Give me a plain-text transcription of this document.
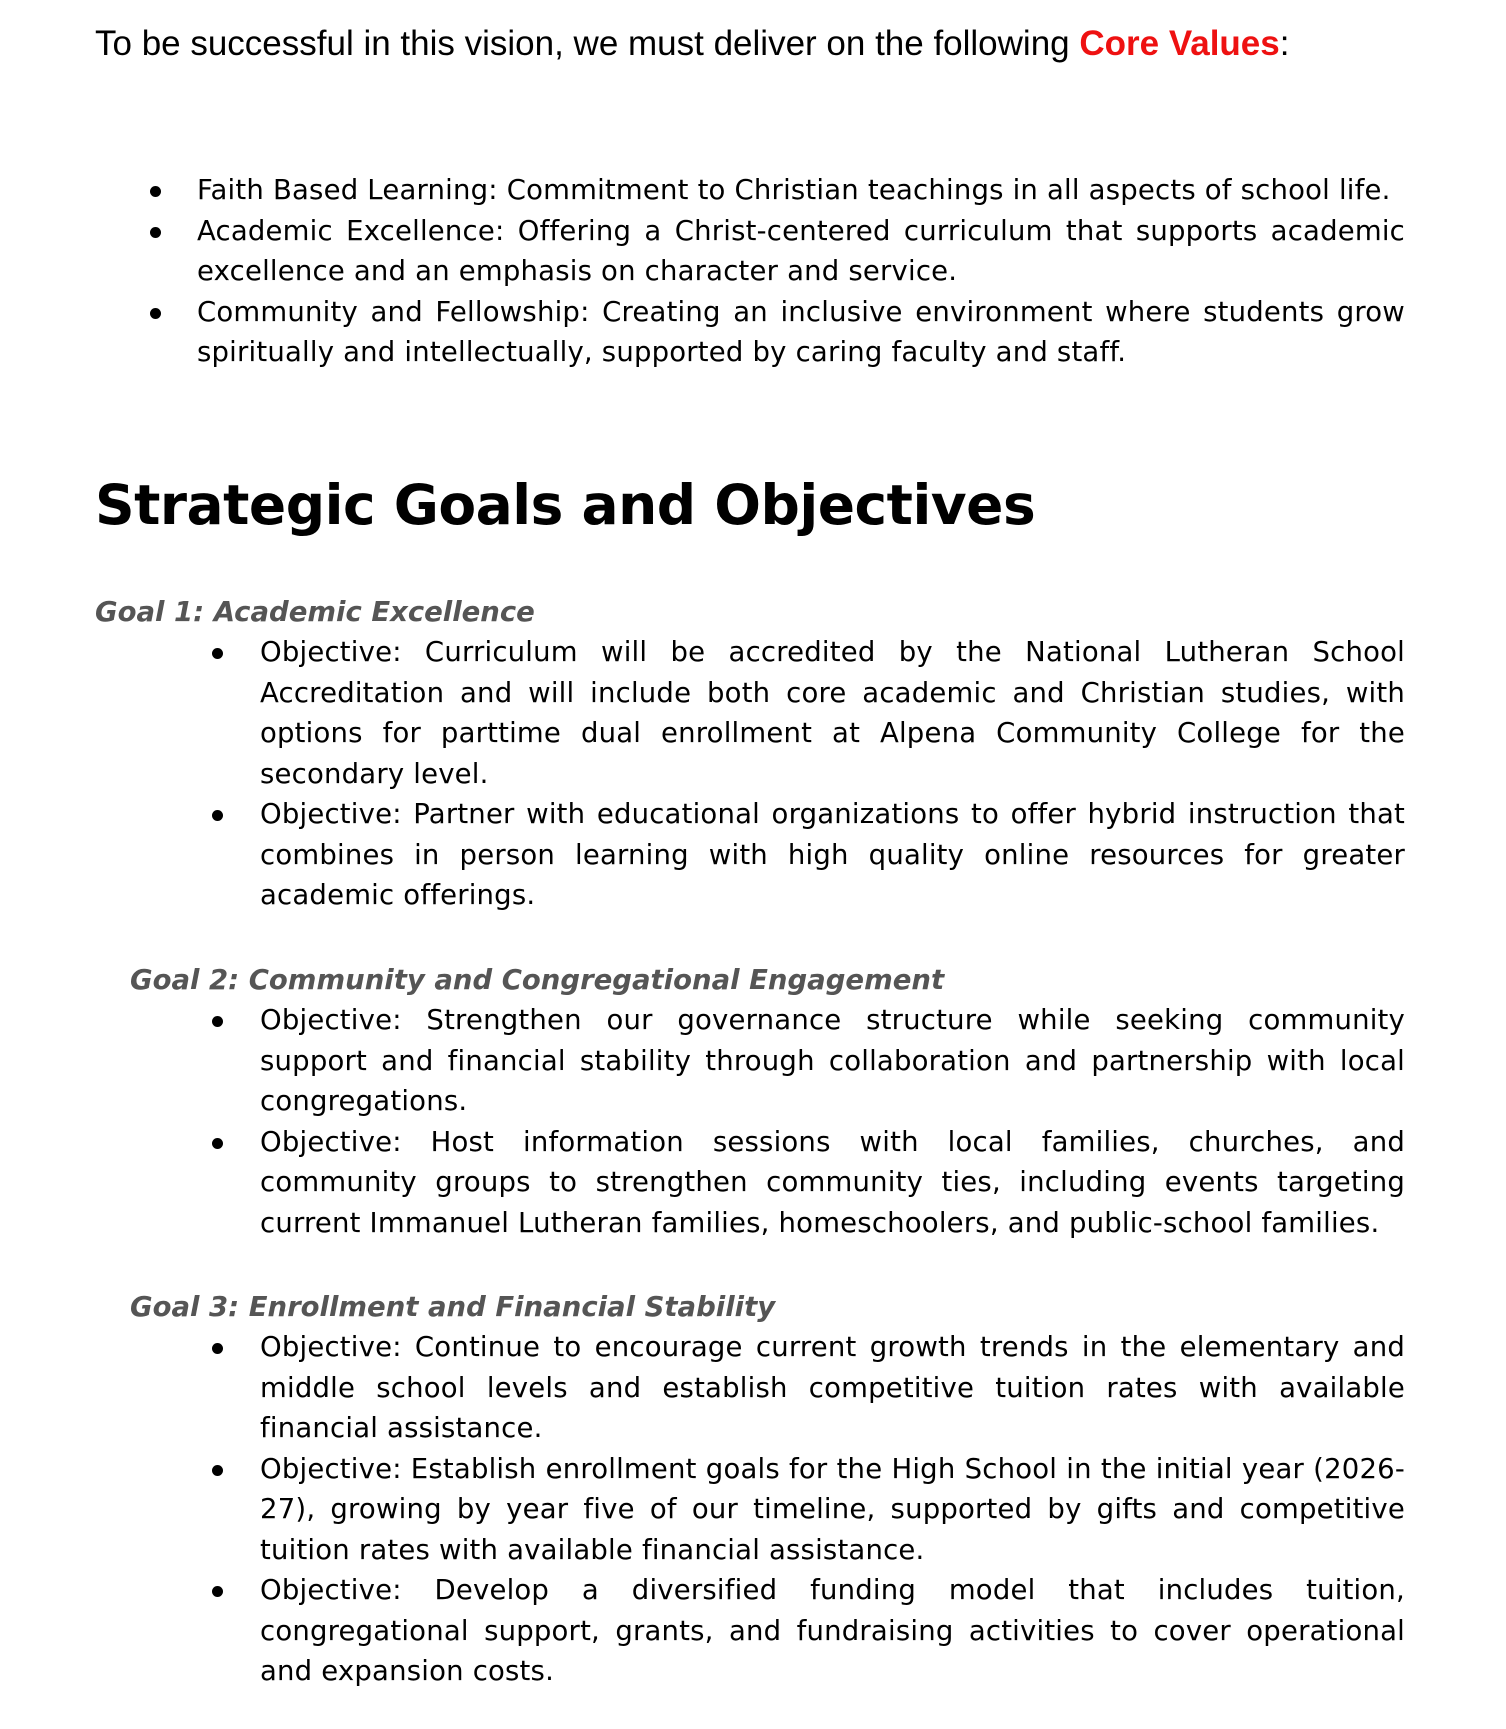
To be successful in this vision, we must deliver on the following Core Values:

Faith Based Learning: Commitment to Christian teachings in all aspects of school life.
Academic Excellence: Offering a Christ-centered curriculum that supports academic excellence and an emphasis on character and service.
Community and Fellowship: Creating an inclusive environment where students grow spiritually and intellectually, supported by caring faculty and staff.
Strategic Goals and Objectives
Goal 1: Academic Excellence
Objective: Curriculum will be accredited by the National Lutheran School Accreditation and will include both core academic and Christian studies, with options for parttime dual enrollment at Alpena Community College for the secondary level.
Objective: Partner with educational organizations to offer hybrid instruction that combines in person learning with high quality online resources for greater academic offerings.
Goal 2: Community and Congregational Engagement
Objective: Strengthen our governance structure while seeking community support and financial stability through collaboration and partnership with local congregations.
Objective: Host information sessions with local families, churches, and community groups to strengthen community ties, including events targeting current Immanuel Lutheran families, homeschoolers, and public-school families.
Goal 3: Enrollment and Financial Stability
Objective: Continue to encourage current growth trends in the elementary and middle school levels and establish competitive tuition rates with available financial assistance.
Objective: Establish enrollment goals for the High School in the initial year (2026-27), growing by year five of our timeline, supported by gifts and competitive tuition rates with available financial assistance.
Objective: Develop a diversified funding model that includes tuition, congregational support, grants, and fundraising activities to cover operational and expansion costs.
